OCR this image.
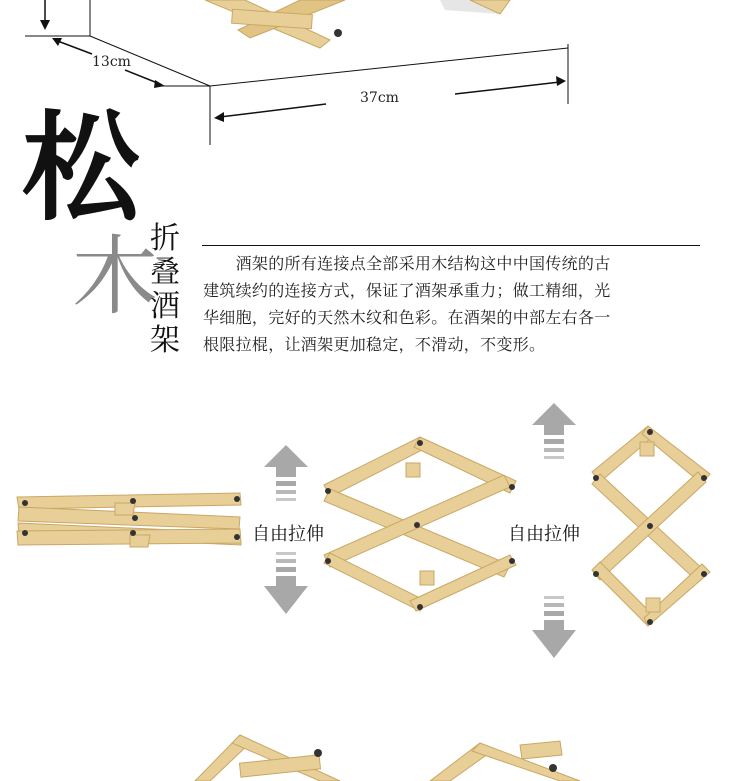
13cm
37cm
松
木
折叠酒架
　　酒架的所有连接点全部采用木结构这中中国传统的古
建筑续约的连接方式，保证了酒架承重力；做工精细，光
华细胞，完好的天然木纹和色彩。在酒架的中部左右各一
根限拉棍，让酒架更加稳定，不滑动，不变形。
自由拉伸	自由拉伸
